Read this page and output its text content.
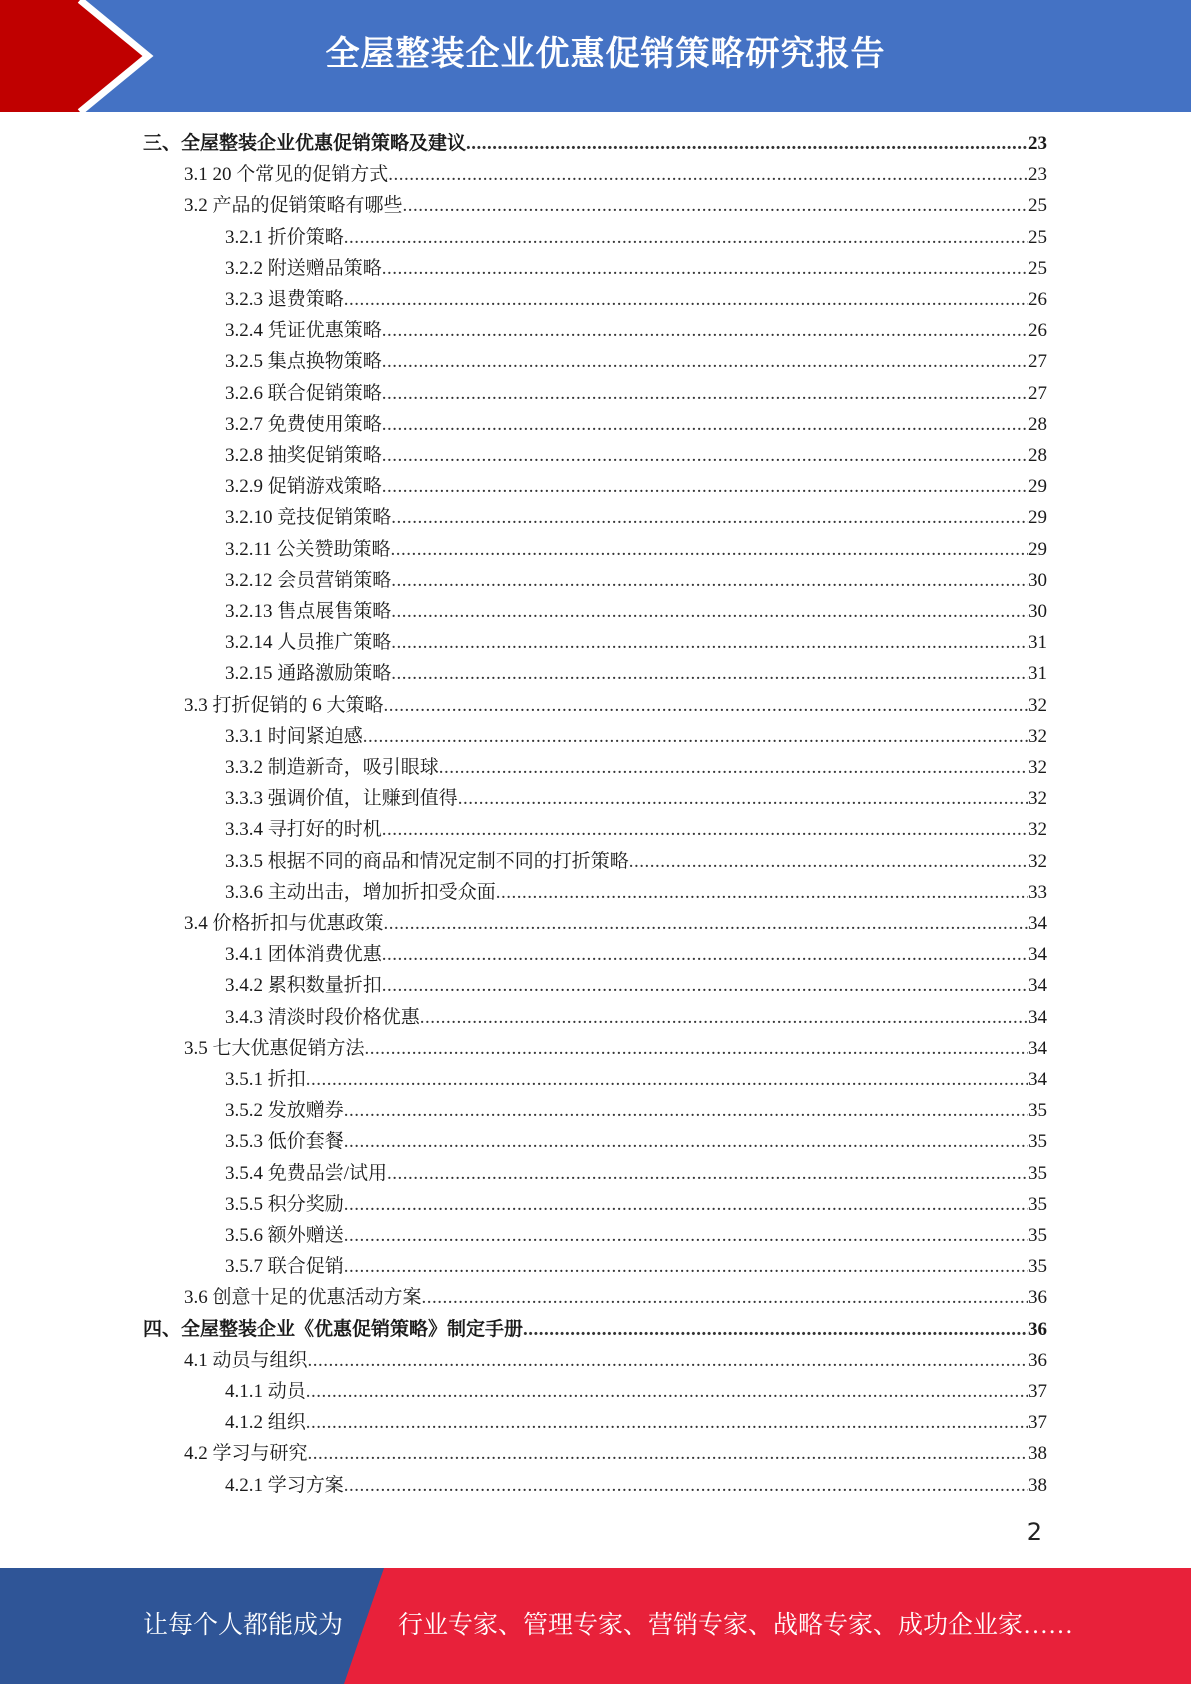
全屋整装企业优惠促销策略研究报告
三、全屋整装企业优惠促销策略及建议 .....	23
3.1 20 个常见的促销方式 .....	23
3.2 产品的促销策略有哪些 .....	25
3.2.1 折价策略 .....	25
3.2.2 附送赠品策略 .....	25
3.2.3 退费策略 .....	26
3.2.4 凭证优惠策略 .....	26
3.2.5 集点换物策略 .....	27
3.2.6 联合促销策略 .....	27
3.2.7 免费使用策略 .....	28
3.2.8 抽奖促销策略 .....	28
3.2.9 促销游戏策略 .....	29
3.2.10 竞技促销策略 .....	29
3.2.11 公关赞助策略 .....	29
3.2.12 会员营销策略 .....	30
3.2.13 售点展售策略 .....	30
3.2.14 人员推广策略 .....	31
3.2.15 通路激励策略 .....	31
3.3 打折促销的 6 大策略 .....	32
3.3.1 时间紧迫感 .....	32
3.3.2 制造新奇，吸引眼球 .....	32
3.3.3 强调价值，让赚到值得 .....	32
3.3.4 寻打好的时机 .....	32
3.3.5 根据不同的商品和情况定制不同的打折策略 .....	32
3.3.6 主动出击，增加折扣受众面 .....	33
3.4 价格折扣与优惠政策 .....	34
3.4.1 团体消费优惠 .....	34
3.4.2 累积数量折扣 .....	34
3.4.3 清淡时段价格优惠 .....	34
3.5 七大优惠促销方法 .....	34
3.5.1 折扣 .....	34
3.5.2 发放赠券 .....	35
3.5.3 低价套餐 .....	35
3.5.4 免费品尝/试用 .....	35
3.5.5 积分奖励 .....	35
3.5.6 额外赠送 .....	35
3.5.7 联合促销 .....	35
3.6 创意十足的优惠活动方案 .....	36
四、全屋整装企业《优惠促销策略》制定手册 .....	36
4.1 动员与组织 .....	36
4.1.1 动员 .....	37
4.1.2 组织 .....	37
4.2 学习与研究 .....	38
4.2.1 学习方案 .....	38
2
让每个人都能成为 行业专家、管理专家、营销专家、战略专家、成功企业家……
